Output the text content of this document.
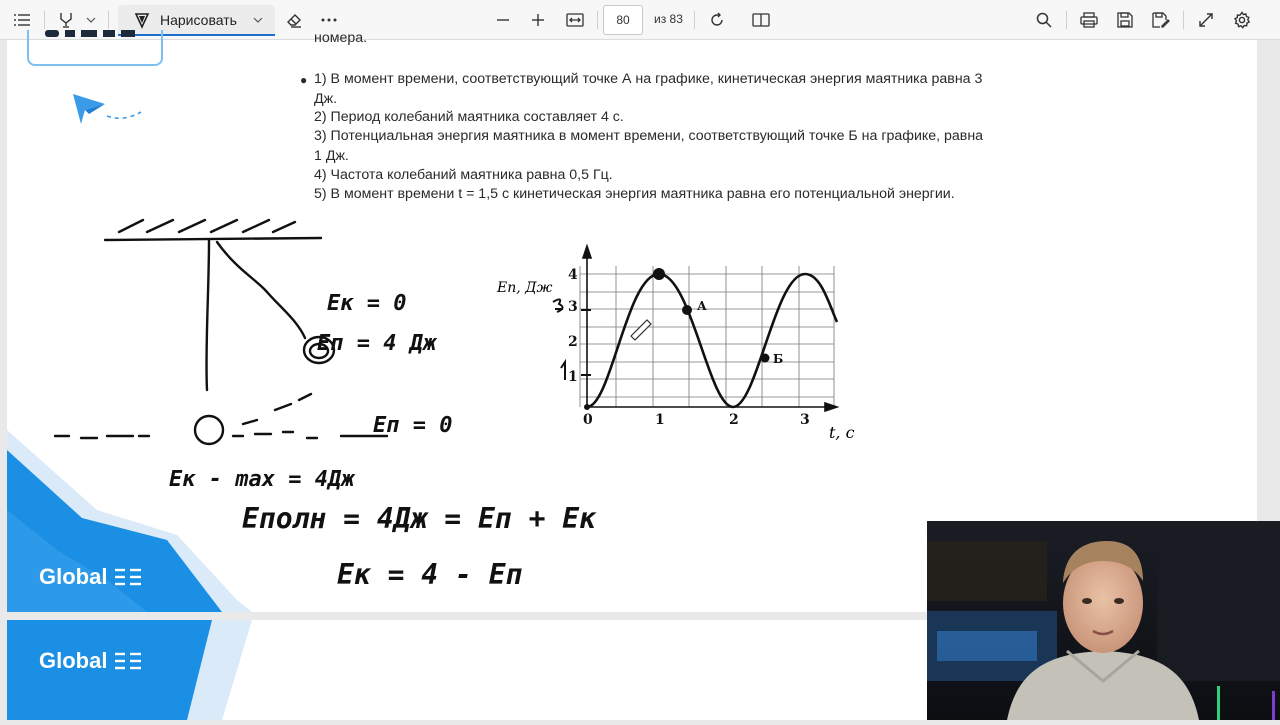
Нарисовать	80	из 83
номера.
● 1) В момент времени, соответствующий точке А на графике, кинетическая энергия маятника равна 3
Дж.
2) Период колебаний маятника составляет 4 с.
3) Потенциальная энергия маятника в момент времени, соответствующий точке Б на графике, равна
1 Дж.
4) Частота колебаний маятника равна 0,5 Гц.
5) В момент времени t = 1,5 с кинетическая энергия маятника равна его потенциальной энергии.
0	1	2	3
1
2
3
4
А
Б
Eп, Дж
t, c
Eк = 0
Eп = 4 Дж
Eп = 0
Eк - max = 4Дж
Eполн = 4Дж = Eп + Eк
Eк = 4 - Eп
Global
Global
